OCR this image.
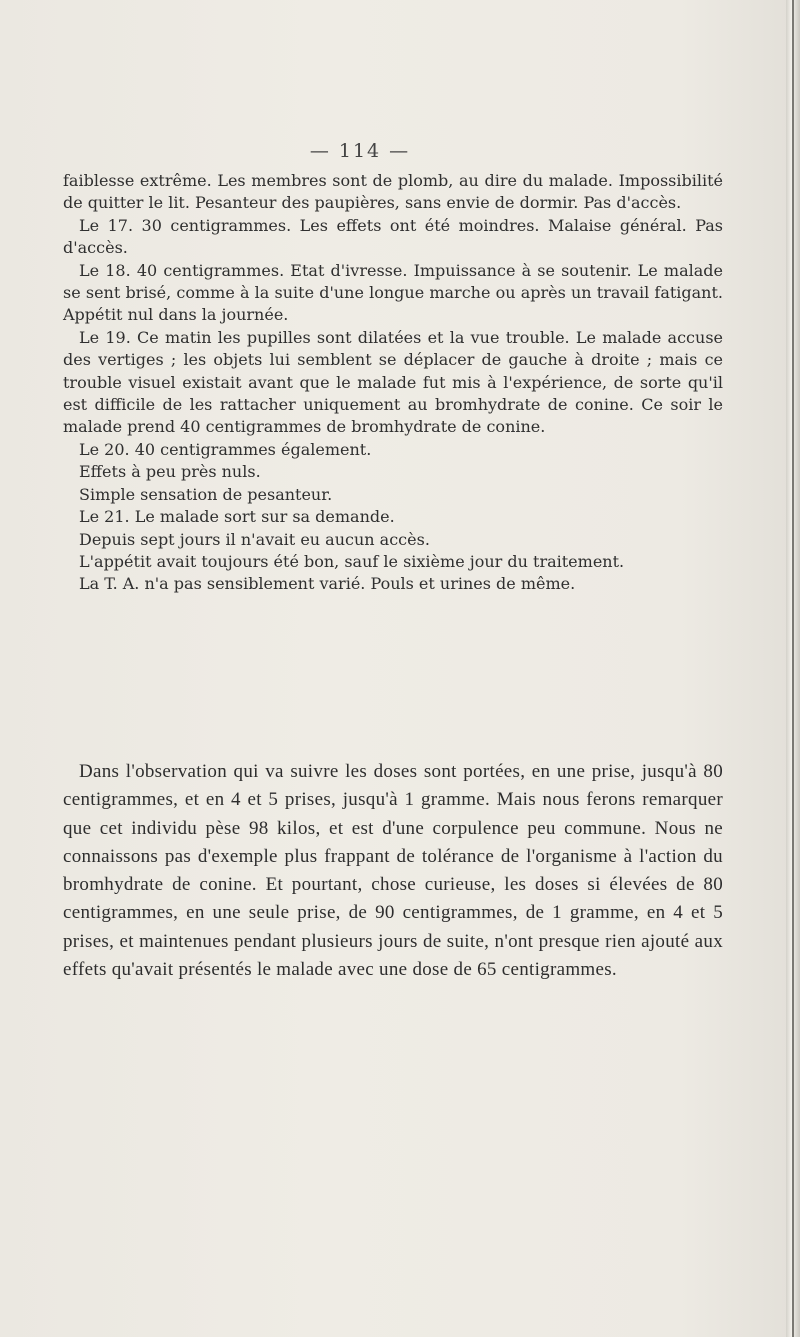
— 114 —

faiblesse extrême. Les membres sont de plomb, au dire du malade. Impossibilité de quitter le lit. Pesanteur des paupières, sans envie de dormir. Pas d'accès.

Le 17. 30 centigrammes. Les effets ont été moindres. Malaise général. Pas d'accès.

Le 18. 40 centigrammes. Etat d'ivresse. Impuissance à se soutenir. Le malade se sent brisé, comme à la suite d'une longue marche ou après un travail fatigant. Appétit nul dans la journée.

Le 19. Ce matin les pupilles sont dilatées et la vue trouble. Le malade accuse des vertiges ; les objets lui semblent se déplacer de gauche à droite ; mais ce trouble visuel existait avant que le malade fut mis à l'expérience, de sorte qu'il est difficile de les rattacher uniquement au bromhydrate de conine. Ce soir le malade prend 40 centigrammes de bromhydrate de conine.

Le 20. 40 centigrammes également.

Effets à peu près nuls.

Simple sensation de pesanteur.

Le 21. Le malade sort sur sa demande.

Depuis sept jours il n'avait eu aucun accès.

L'appétit avait toujours été bon, sauf le sixième jour du traitement.

La T. A. n'a pas sensiblement varié. Pouls et urines de même.

Dans l'observation qui va suivre les doses sont portées, en une prise, jusqu'à 80 centigrammes, et en 4 et 5 prises, jusqu'à 1 gramme. Mais nous ferons remarquer que cet individu pèse 98 kilos, et est d'une corpulence peu commune. Nous ne connaissons pas d'exemple plus frappant de tolérance de l'organisme à l'action du bromhydrate de conine. Et pourtant, chose curieuse, les doses si élevées de 80 centigrammes, en une seule prise, de 90 centigrammes, de 1 gramme, en 4 et 5 prises, et maintenues pendant plusieurs jours de suite, n'ont presque rien ajouté aux effets qu'avait présentés le malade avec une dose de 65 centigrammes.
